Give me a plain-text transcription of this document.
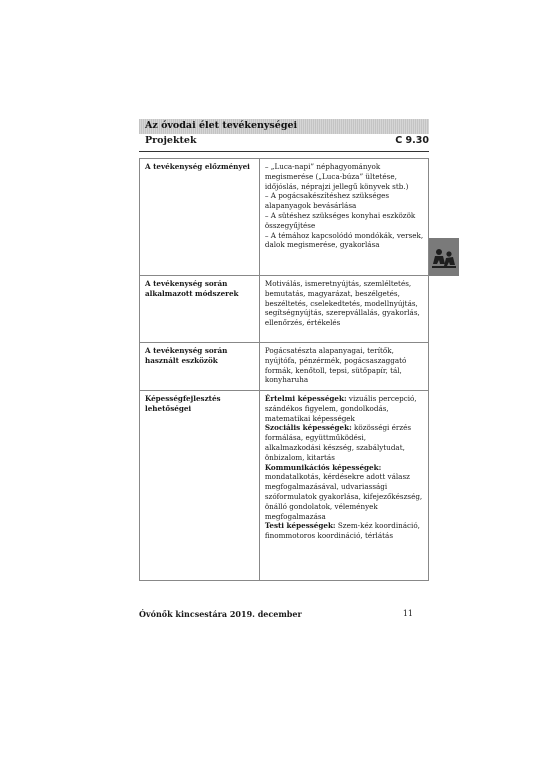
Az óvodai élet tevékenységei
Projektek	C 9.30
A tevékenység előzményei	– „Luca-napi” néphagyományok megismerése („Luca-búza” ültetése, időjóslás, néprajzi jellegű könyvek stb.)
– A pogácsakészítéshez szükséges alapanyagok bevásárlása
– A sütéshez szükséges konyhai eszközök összegyűjtése
– A témához kapcsolódó mondókák, versek, dalok megismerése, gyakorlása

A tevékenység során alkalmazott módszerek	Motiválás, ismeretnyújtás, szemléltetés, bemutatás, magyarázat, beszélgetés, beszéltetés, cselekedtetés, modellnyújtás, segítségnyújtás, szerepvállalás, gyakorlás, ellenőrzés, értékelés
A tevékenység során használt eszközök	Pogácsatészta alapanyagai, terítők, nyújtófa, pénzérmék, pogácsaszaggató formák, kenőtoll, tepsi, sütőpapír, tál, konyharuha
Képességfejlesztés lehetőségei	Értelmi képességek: vizuális percepció, szándékos figyelem, gondolkodás, matematikai képességek
Szociális képességek: közösségi érzés formálása, együttműködési, alkalmazkodási készség, szabálytudat, önbizalom, kitartás
Kommunikációs képességek: mondatalkotás, kérdésekre adott válasz megfogalmazásával, udvariassági szóformulatok gyakorlása, kifejezőkészség, önálló gondolatok, vélemények megfogalmazása
Testi képességek: Szem-kéz koordináció, finommotoros koordináció, térlátás
Óvónők kincsestára 2019. december	11
